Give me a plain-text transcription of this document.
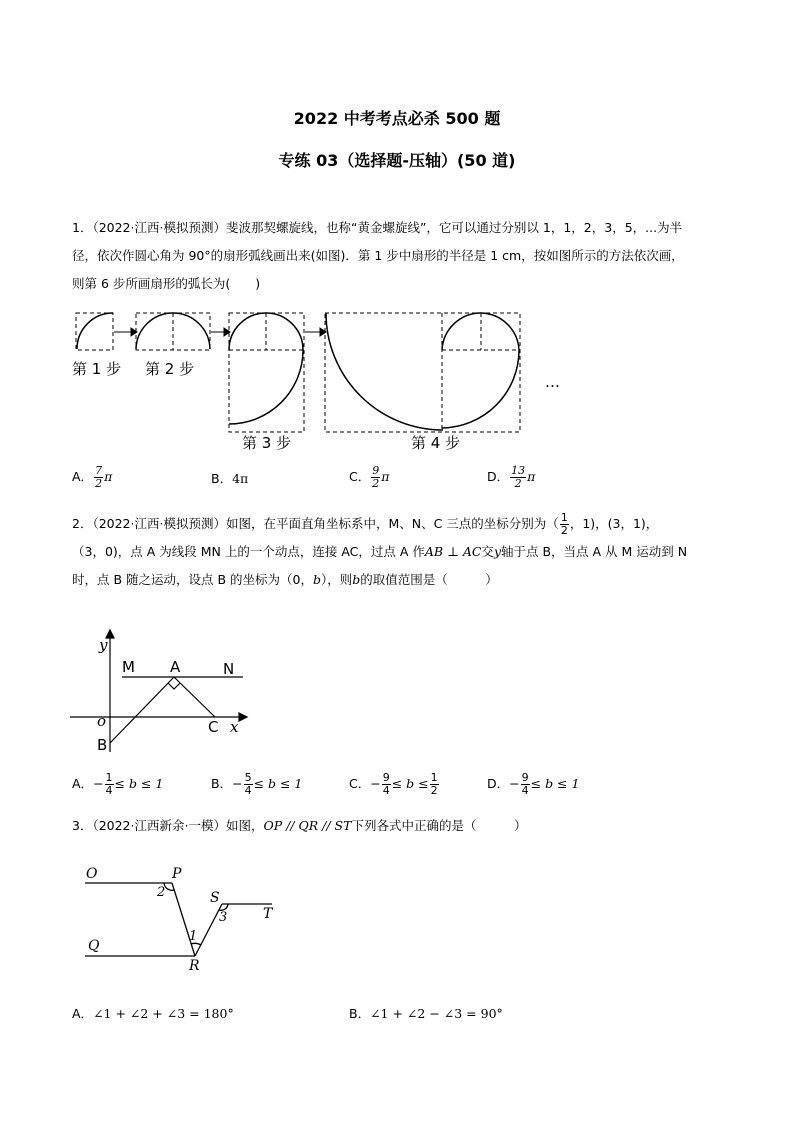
2022 中考考点必杀 500 题
专练 03（选择题-压轴）(50 道)
1．（2022·江西·模拟预测）斐波那契螺旋线，也称“黄金螺旋线”，它可以通过分别以 1，1，2，3，5，...为半
径，依次作圆心角为 90°的扇形弧线画出来(如图)．第 1 步中扇形的半径是 1 cm，按如图所示的方法依次画，
则第 6 步所画扇形的弧长为(　　)
第 1 步 第 2 步
第 3 步	第 4 步
…
A． $\frac{7}{2}$ π	B．4π	C． $\frac{9}{2}$ π	D． $\frac{13}{2}$ π
2．（2022·江西·模拟预测）如图，在平面直角坐标系中，M、N、C 三点的坐标分别为（ $\frac{1}{2}$ ，1)，(3，1)，
（3，0)，点 A 为线段 MN 上的一个动点，连接 AC，过点 A 作AB ⊥ AC交y轴于点 B，当点 A 从 M 运动到 N
时，点 B 随之运动，设点 B 的坐标为（0，b），则b的取值范围是（　　　）
y
M A	N
o
B
C x
A．− $\frac{1}{4} \le b \le 1$	B．− $\frac{5}{4} \le b \le 1$	C．− $\frac{9}{4} \le b \le \frac{1}{2}$	D．− $\frac{9}{4} \le b \le 1$
3．（2022·江西新余·一模）如图，OP // QR // ST下列各式中正确的是（　　　）
O	P
2	S
3	T
1
Q
R
A．∠1 + ∠2 + ∠3 = 180°	B．∠1 + ∠2 − ∠3 = 90°
